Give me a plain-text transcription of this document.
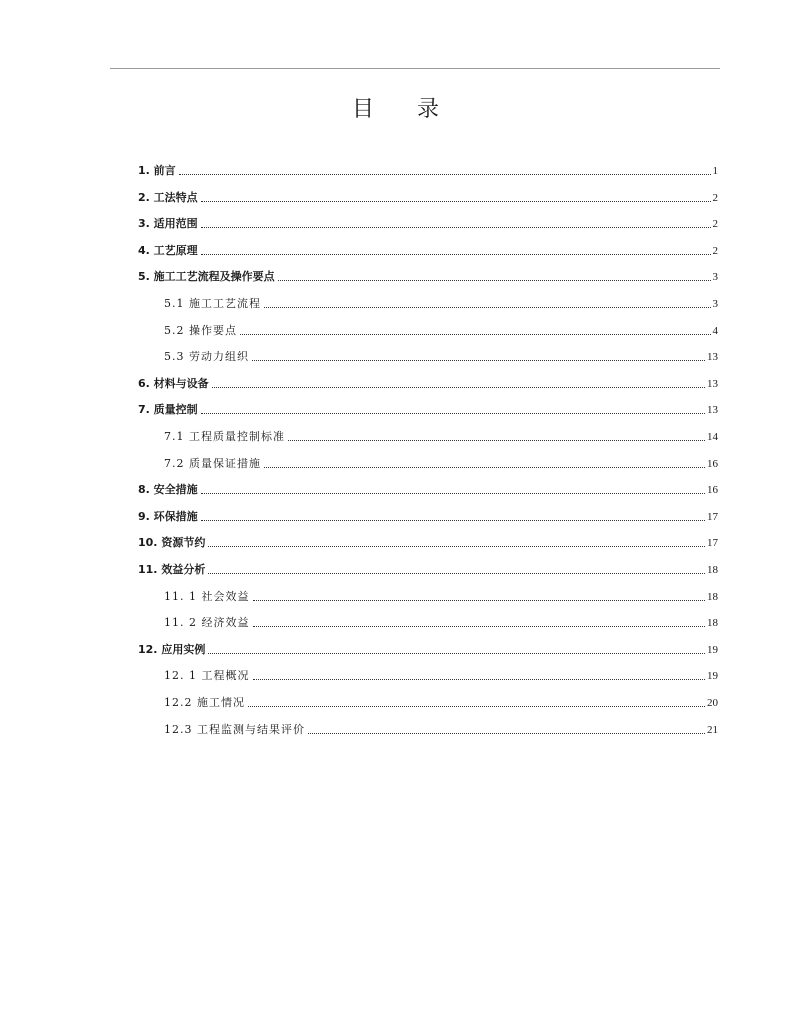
目 录
1. 前言	1
2. 工法特点	2
3. 适用范围	2
4. 工艺原理	2
5. 施工工艺流程及操作要点	3
5.1 施工工艺流程	3
5.2 操作要点	4
5.3 劳动力组织	13
6. 材料与设备	13
7. 质量控制	13
7.1 工程质量控制标准	14
7.2 质量保证措施	16
8. 安全措施	16
9. 环保措施	17
10. 资源节约	17
11. 效益分析	18
11. 1 社会效益	18
11. 2 经济效益	18
12. 应用实例	19
12. 1 工程概况	19
12.2 施工情况	20
12.3 工程监测与结果评价	21
